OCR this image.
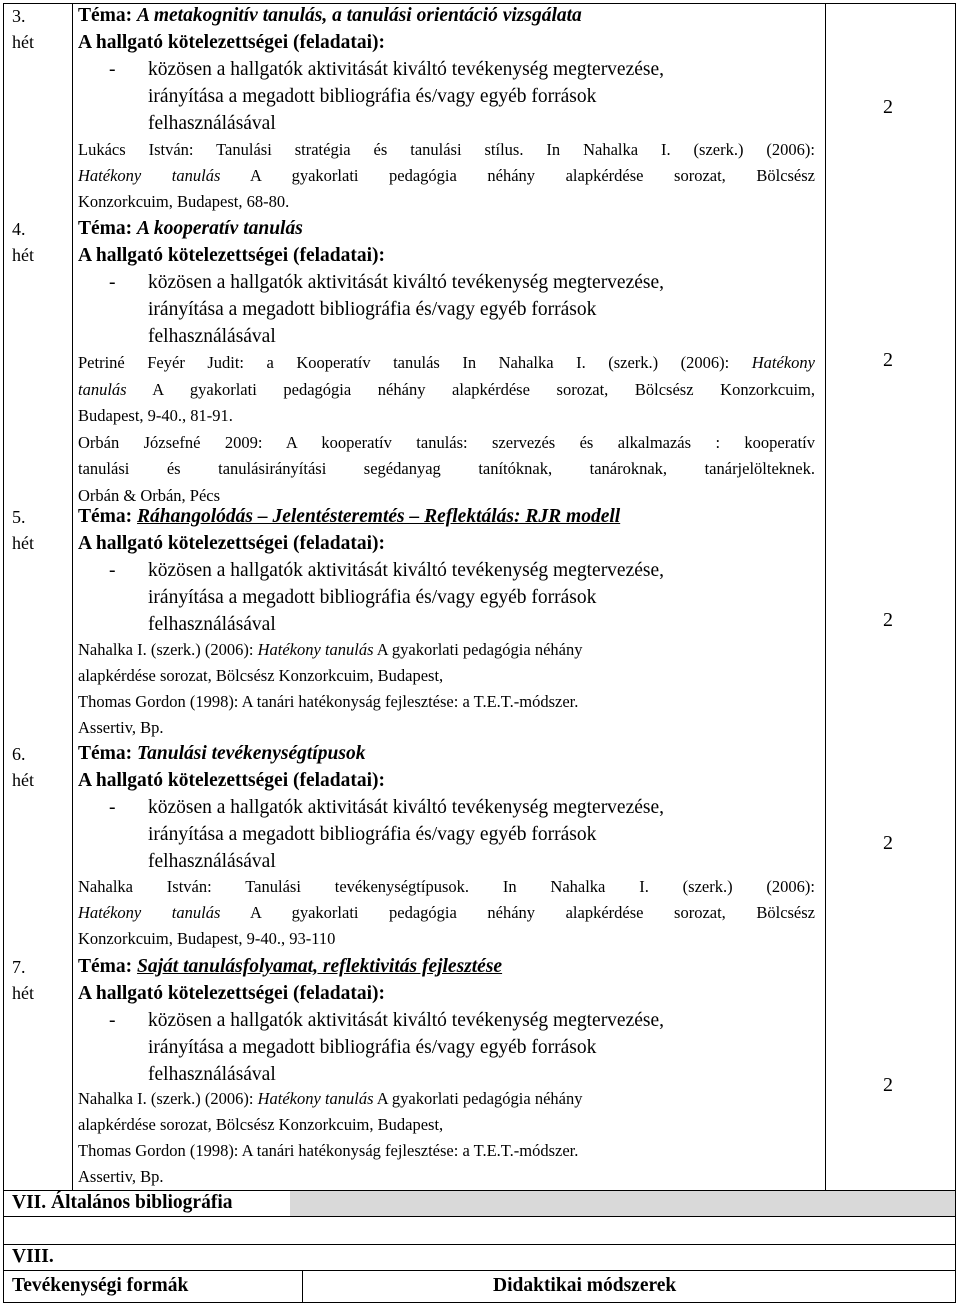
3.
hét
Téma: A metakognitív tanulás, a tanulási orientáció vizsgálata
A hallgató kötelezettségei (feladatai):
- közösen a hallgatók aktivitását kiváltó tevékenység megtervezése,
irányítása a megadott bibliográfia és/vagy egyéb források
felhasználásával
Lukács István: Tanulási stratégia és tanulási stílus. In Nahalka I. (szerk.) (2006):
Hatékony tanulás A gyakorlati pedagógia néhány alapkérdése sorozat, Bölcsész
Konzorkcuim, Budapest, 68-80.
2
4.
hét
Téma: A kooperatív tanulás
A hallgató kötelezettségei (feladatai):
- közösen a hallgatók aktivitását kiváltó tevékenység megtervezése,
irányítása a megadott bibliográfia és/vagy egyéb források
felhasználásával
Petriné Feyér Judit: a Kooperatív tanulás In Nahalka I. (szerk.) (2006): Hatékony
tanulás A gyakorlati pedagógia néhány alapkérdése sorozat, Bölcsész Konzorkcuim,
Budapest, 9-40., 81-91.
Orbán Józsefné 2009: A kooperatív tanulás: szervezés és alkalmazás : kooperatív
tanulási és tanulásirányítási segédanyag tanítóknak, tanároknak, tanárjelölteknek.
Orbán & Orbán, Pécs
2
5.
hét
Téma: Ráhangolódás – Jelentésteremtés – Reflektálás: RJR modell
A hallgató kötelezettségei (feladatai):
- közösen a hallgatók aktivitását kiváltó tevékenység megtervezése,
irányítása a megadott bibliográfia és/vagy egyéb források
felhasználásával
Nahalka I. (szerk.) (2006): Hatékony tanulás A gyakorlati pedagógia néhány
alapkérdése sorozat, Bölcsész Konzorkcuim, Budapest,
Thomas Gordon (1998): A tanári hatékonyság fejlesztése: a T.E.T.-módszer.
Assertiv, Bp.
2
6.
hét
Téma: Tanulási tevékenységtípusok
A hallgató kötelezettségei (feladatai):
- közösen a hallgatók aktivitását kiváltó tevékenység megtervezése,
irányítása a megadott bibliográfia és/vagy egyéb források
felhasználásával
Nahalka István: Tanulási tevékenységtípusok. In Nahalka I. (szerk.) (2006):
Hatékony tanulás A gyakorlati pedagógia néhány alapkérdése sorozat, Bölcsész
Konzorkcuim, Budapest, 9-40., 93-110
2
7.
hét
Téma: Saját tanulásfolyamat, reflektivitás fejlesztése
A hallgató kötelezettségei (feladatai):
- közösen a hallgatók aktivitását kiváltó tevékenység megtervezése,
irányítása a megadott bibliográfia és/vagy egyéb források
felhasználásával
Nahalka I. (szerk.) (2006): Hatékony tanulás A gyakorlati pedagógia néhány
alapkérdése sorozat, Bölcsész Konzorkcuim, Budapest,
Thomas Gordon (1998): A tanári hatékonyság fejlesztése: a T.E.T.-módszer.
Assertiv, Bp.
2
VII. Általános bibliográfia
VIII.
Tevékenységi formák	Didaktikai módszerek
